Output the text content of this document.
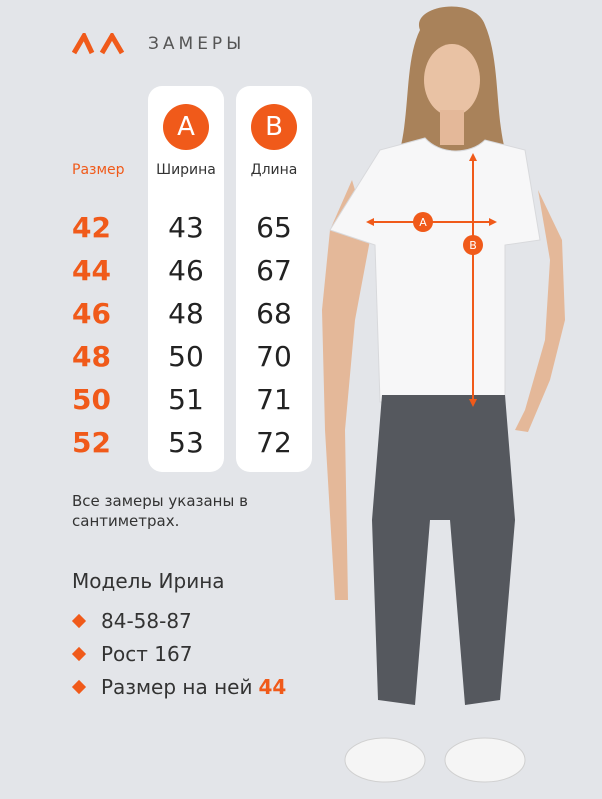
ЗАМЕРЫ
Размер
42
44
46
48
50
52
A
Ширина
43
46
48
50
51
53
B
Длина
65
67
68
70
71
72
Все замеры указаны в сантиметрах.
Модель Ирина
84-58-87
Рост 167
Размер на ней 44
A
B
